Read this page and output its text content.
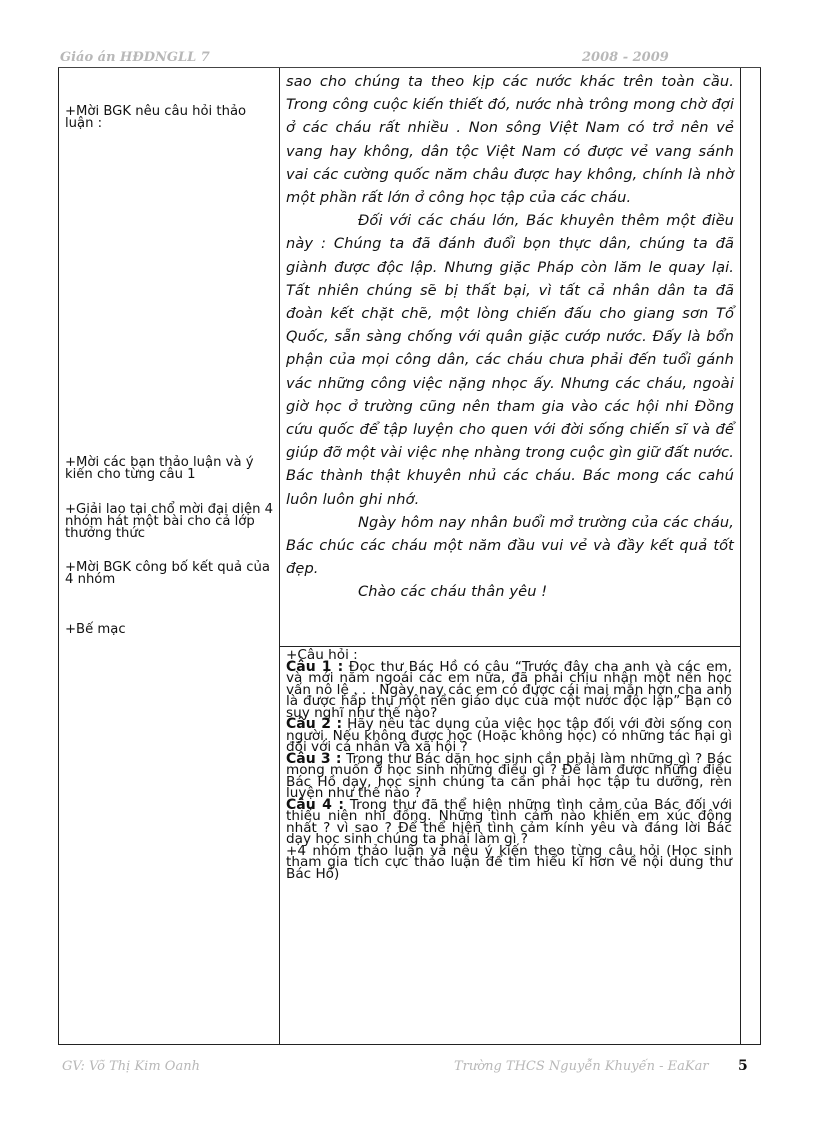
Giáo án HĐDNGLL 7	2008 - 2009

+Mời BGK nêu câu hỏi thảo luận :

+Mời các bạn thảo luận và ý kiến cho từng câu 1

+Giải lao tại chổ mời đại diện 4 nhóm hát một bài cho cả lớp thưởng thức

+Mời BGK công bố kết quả của 4 nhóm

+Bế mạc

sao cho chúng ta theo kịp các nước khác trên toàn cầu. Trong công cuộc kiến thiết đó, nước nhà trông mong chờ đợi ở các cháu rất nhiều . Non sông Việt Nam có trở nên vẻ vang hay không, dân tộc Việt Nam có được vẻ vang sánh vai các cường quốc năm châu được hay không, chính là nhờ một phần rất lớn ở công học tập của các cháu.

Đối với các cháu lớn, Bác khuyên thêm một điều này : Chúng ta đã đánh đuổi bọn thực dân, chúng ta đã giành được độc lập. Nhưng giặc Pháp còn lăm le quay lại. Tất nhiên chúng sẽ bị thất bại, vì tất cả nhân dân ta đã đoàn kết chặt chẽ, một lòng chiến đấu cho giang sơn Tổ Quốc, sẵn sàng chống với quân giặc cướp nước. Đấy là bổn phận của mọi công dân, các cháu chưa phải đến tuổi gánh vác những công việc nặng nhọc ấy. Nhưng các cháu, ngoài giờ học ở trường cũng nên tham gia vào các hội nhi Đồng cứu quốc để tập luyện cho quen với đời sống chiến sĩ và để giúp đỡ một vài việc nhẹ nhàng trong cuộc gìn giữ đất nước. Bác thành thật khuyên nhủ các cháu. Bác mong các cahú luôn luôn ghi nhớ.

Ngày hôm nay nhân buổi mở trường của các cháu, Bác chúc các cháu một năm đầu vui vẻ và đầy kết quả tốt đẹp.

Chào các cháu thân yêu !

+Câu hỏi :

Câu 1 : Đọc thư Bác Hồ có câu “Trước đây cha anh và các em, và mới năm ngoái các em nữa, đã phải chịu nhận một nền học vấn nô lệ . . . Ngày nay các em có được cái mai mắn hơn cha anh là được hấp thụ một nền giáo dục của một nước độc lập” Bạn có suy nghĩ như thế nào?

Câu 2 : Hãy nêu tác dụng của việc học tập đối với đời sống con người. Nếu không được học (Hoặc không học) có những tác hại gì đối với cá nhân và xã hội ?

Câu 3 : Trong thư Bác dặn học sinh cần phải làm những gì ? Bác mong muốn ở học sinh những điều gì ? Để làm được những điều Bác Hồ dạy, học sinh chúng ta cần phải học tập tu dưỡng, rèn luyện như thế nào ?

Câu 4 : Trong thư đã thể hiện những tình cảm của Bác đối với thiếu niên nhi đồng. Những tình cảm nào khiến em xúc động nhất ? vì sao ? Để thể hiện tình cảm kính yêu và đáng lời Bác dạy học sinh chúng ta phải làm gì ?

+4 nhóm thảo luận và nêu ý kiến theo từng câu hỏi (Học sinh tham gia tích cực thảo luận để tìm hiểu kĩ hơn về nội dung thư Bác Hồ)

GV: Võ Thị Kim Oanh	Trường THCS Nguyễn Khuyến - EaKar 5
